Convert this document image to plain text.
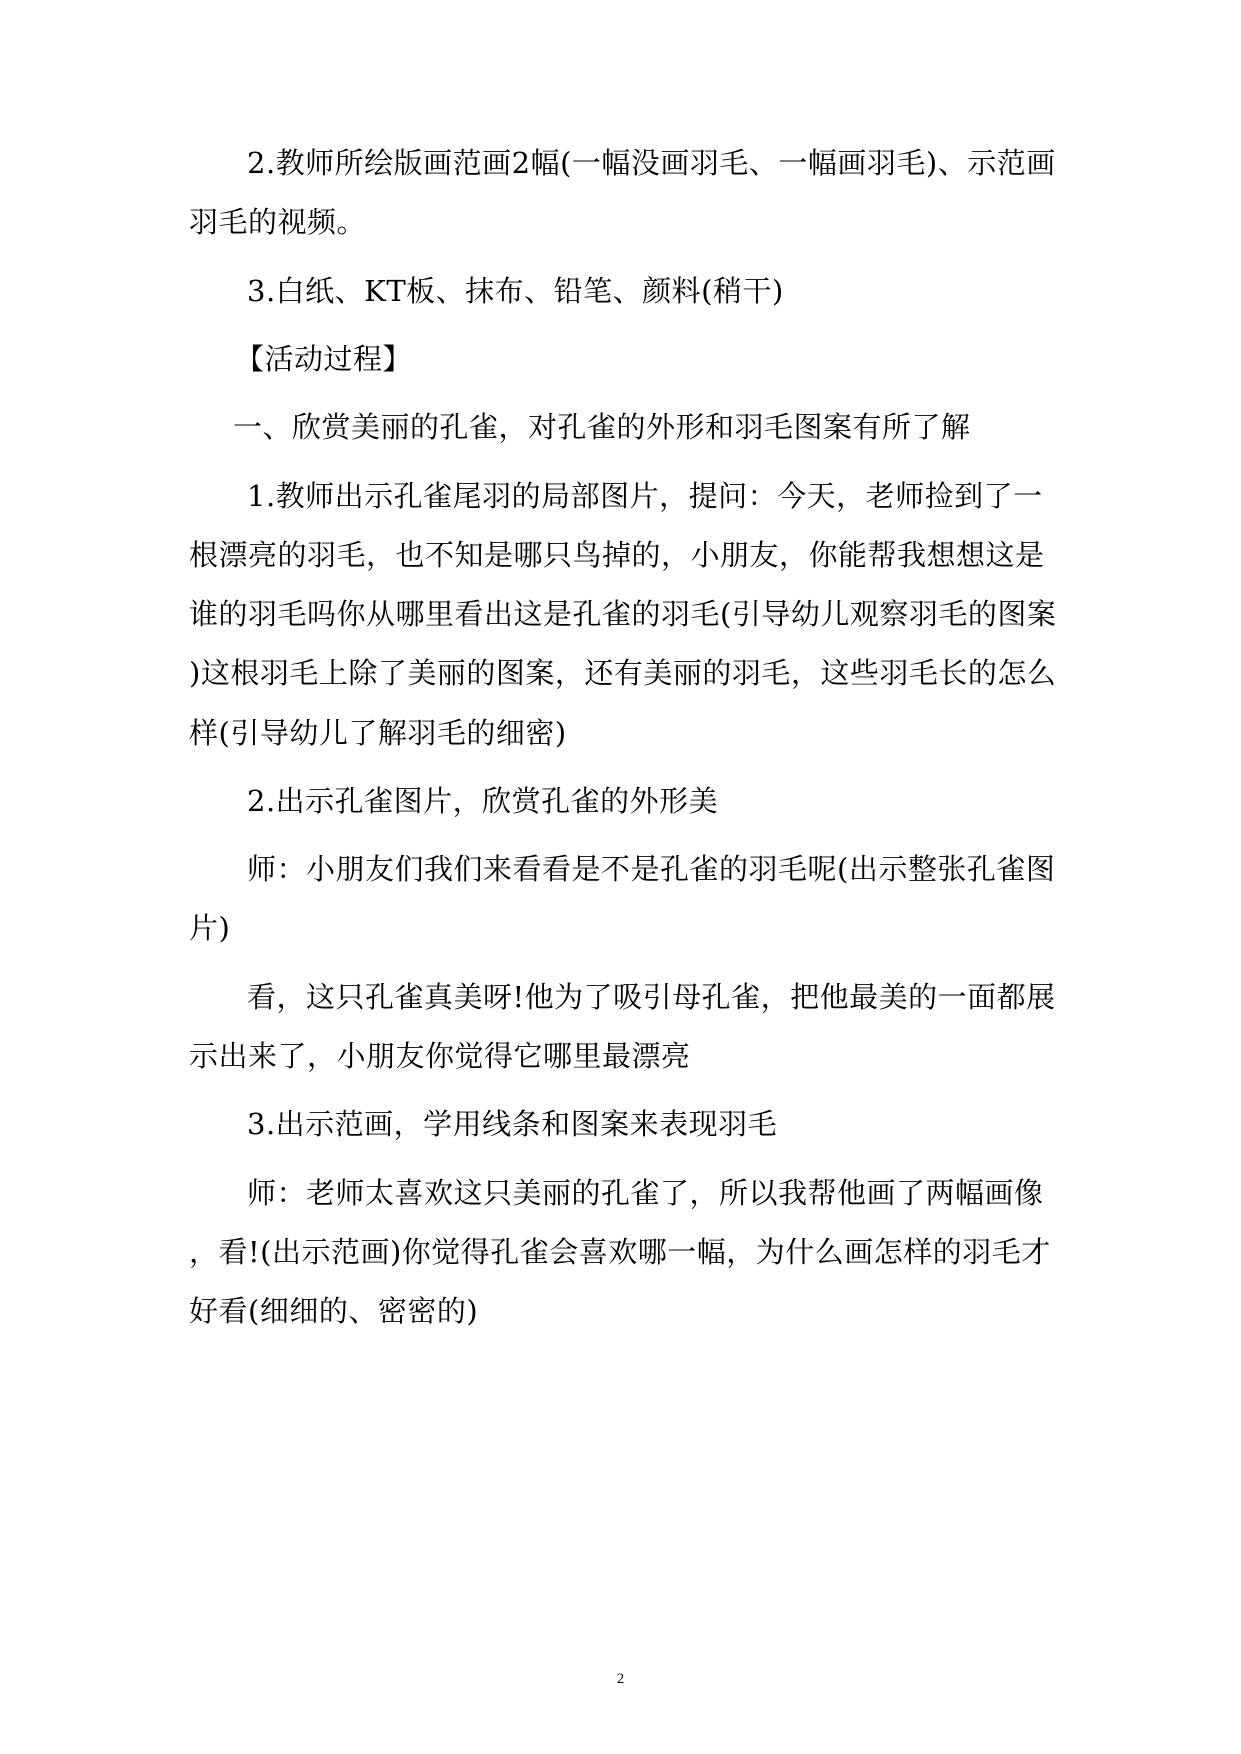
2.教师所绘版画范画2幅(一幅没画羽毛、一幅画羽毛)、示范画
羽毛的视频。
3.白纸、KT板、抹布、铅笔、颜料(稍干)
【活动过程】
一、欣赏美丽的孔雀，对孔雀的外形和羽毛图案有所了解
1.教师出示孔雀尾羽的局部图片，提问：今天，老师捡到了一
根漂亮的羽毛，也不知是哪只鸟掉的，小朋友，你能帮我想想这是
谁的羽毛吗你从哪里看出这是孔雀的羽毛(引导幼儿观察羽毛的图案
)这根羽毛上除了美丽的图案，还有美丽的羽毛，这些羽毛长的怎么
样(引导幼儿了解羽毛的细密)
2.出示孔雀图片，欣赏孔雀的外形美
师：小朋友们我们来看看是不是孔雀的羽毛呢(出示整张孔雀图
片)
看，这只孔雀真美呀!他为了吸引母孔雀，把他最美的一面都展
示出来了，小朋友你觉得它哪里最漂亮
3.出示范画，学用线条和图案来表现羽毛
师：老师太喜欢这只美丽的孔雀了，所以我帮他画了两幅画像
，看!(出示范画)你觉得孔雀会喜欢哪一幅，为什么画怎样的羽毛才
好看(细细的、密密的)
2
